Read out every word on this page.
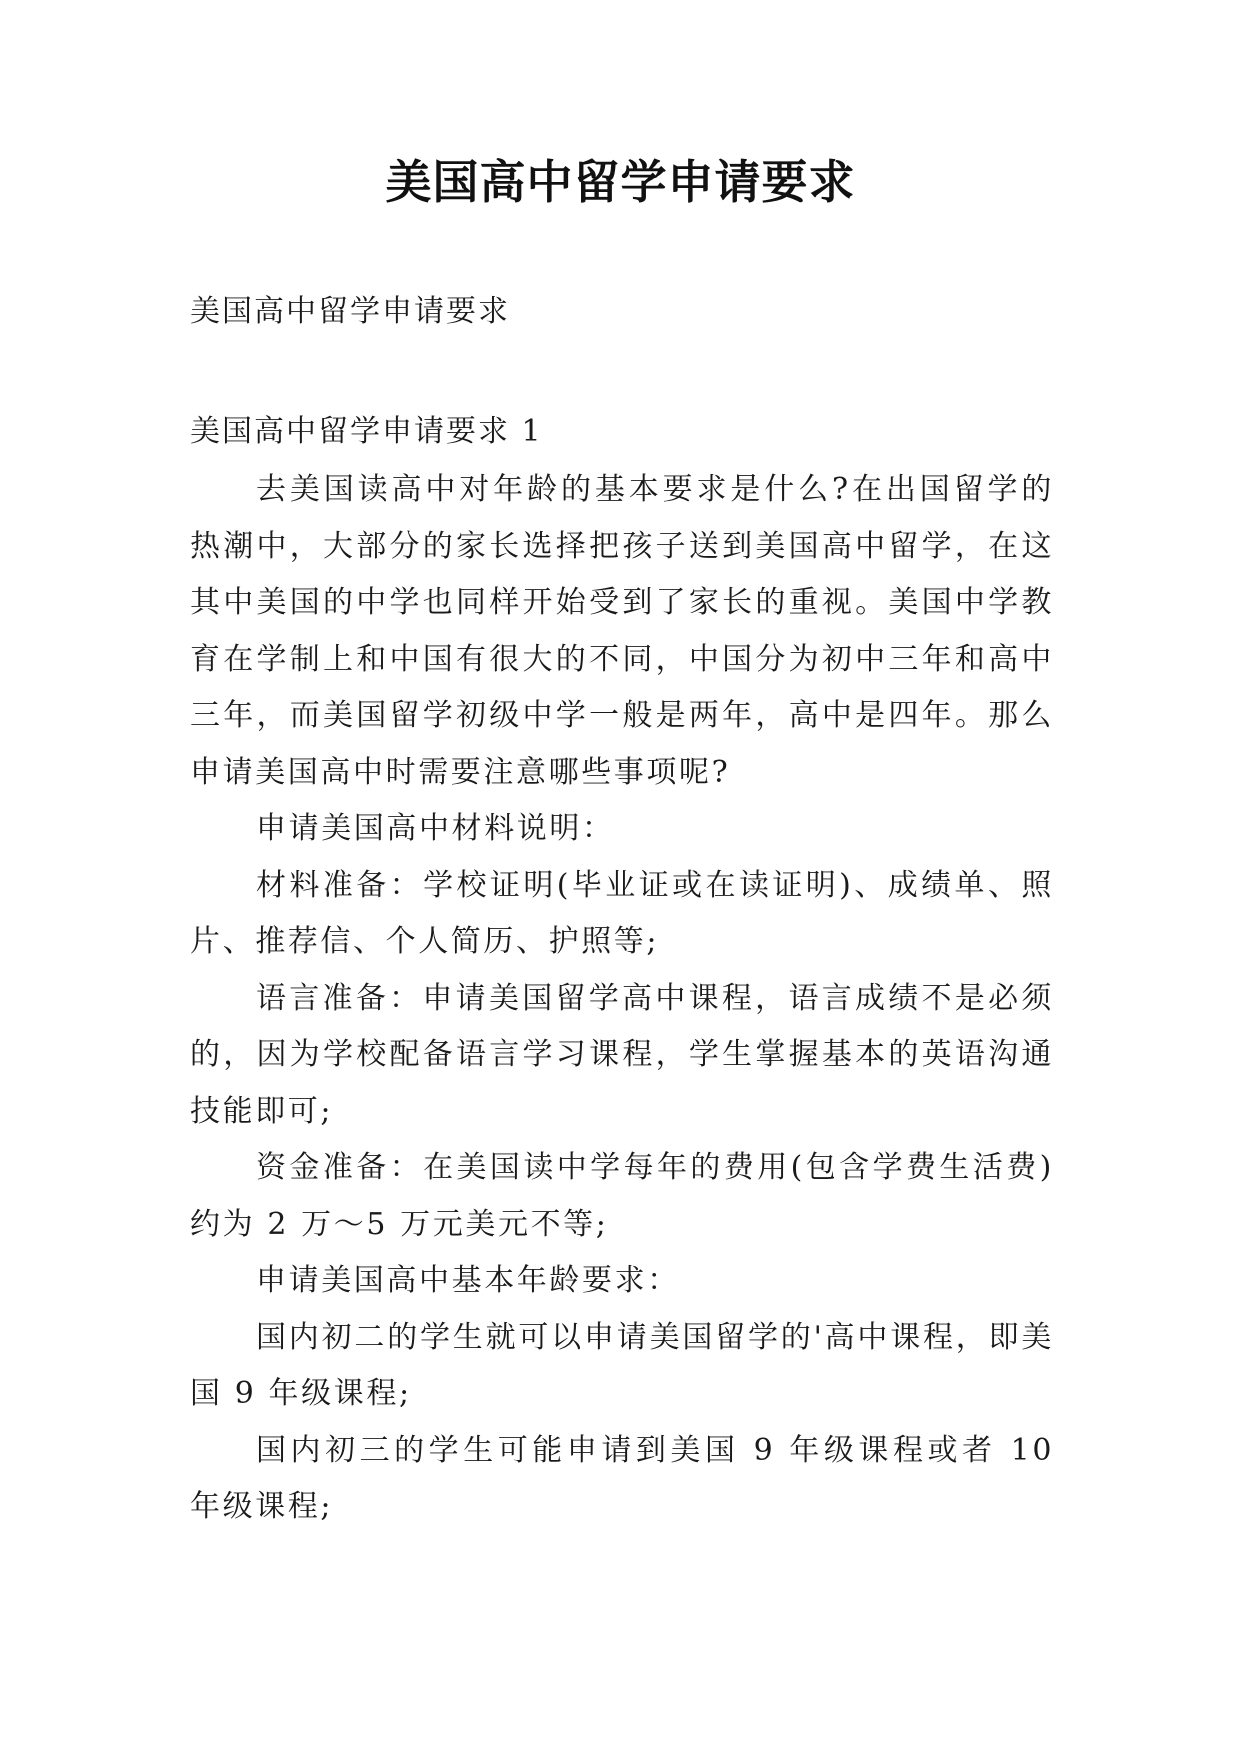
美国高中留学申请要求
美国高中留学申请要求
美国高中留学申请要求 1

去美国读高中对年龄的基本要求是什么?在出国留学的热潮中，大部分的家长选择把孩子送到美国高中留学，在这其中美国的中学也同样开始受到了家长的重视。美国中学教育在学制上和中国有很大的不同，中国分为初中三年和高中三年，而美国留学初级中学一般是两年，高中是四年。那么申请美国高中时需要注意哪些事项呢?

申请美国高中材料说明：

材料准备：学校证明(毕业证或在读证明)、成绩单、照片、推荐信、个人简历、护照等;

语言准备：申请美国留学高中课程，语言成绩不是必须的，因为学校配备语言学习课程，学生掌握基本的英语沟通技能即可;

资金准备：在美国读中学每年的费用(包含学费生活费)约为 2 万～5 万元美元不等;

申请美国高中基本年龄要求：

国内初二的学生就可以申请美国留学的'高中课程，即美国 9 年级课程;

国内初三的学生可能申请到美国 9 年级课程或者 10 年级课程;
